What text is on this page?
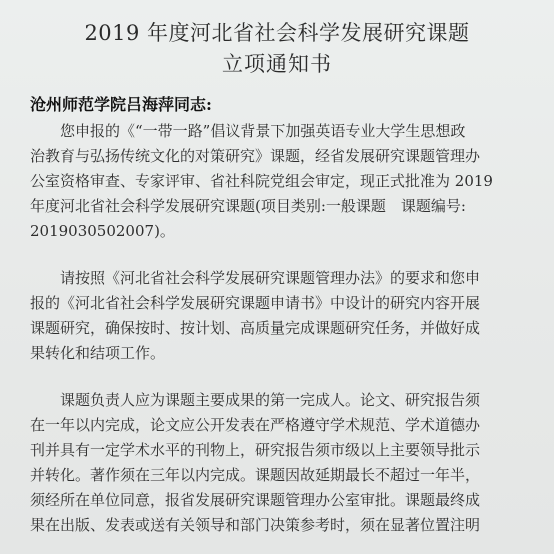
2019 年度河北省社会科学发展研究课题
立项通知书
沧州师范学院吕海萍同志:
　　您申报的《“一带一路”倡议背景下加强英语专业大学生思想政
治教育与弘扬传统文化的对策研究》课题，经省发展研究课题管理办
公室资格审查、专家评审、省社科院党组会审定，现正式批准为 2019
年度河北省社会科学发展研究课题(项目类别:一般课题　课题编号:
2019030502007)。
　　请按照《河北省社会科学发展研究课题管理办法》的要求和您申
报的《河北省社会科学发展研究课题申请书》中设计的研究内容开展
课题研究，确保按时、按计划、高质量完成课题研究任务，并做好成
果转化和结项工作。
　　课题负责人应为课题主要成果的第一完成人。论文、研究报告须
在一年以内完成，论文应公开发表在严格遵守学术规范、学术道德办
刊并具有一定学术水平的刊物上，研究报告须市级以上主要领导批示
并转化。著作须在三年以内完成。课题因故延期最长不超过一年半，
须经所在单位同意，报省发展研究课题管理办公室审批。课题最终成
果在出版、发表或送有关领导和部门决策参考时，须在显著位置注明
